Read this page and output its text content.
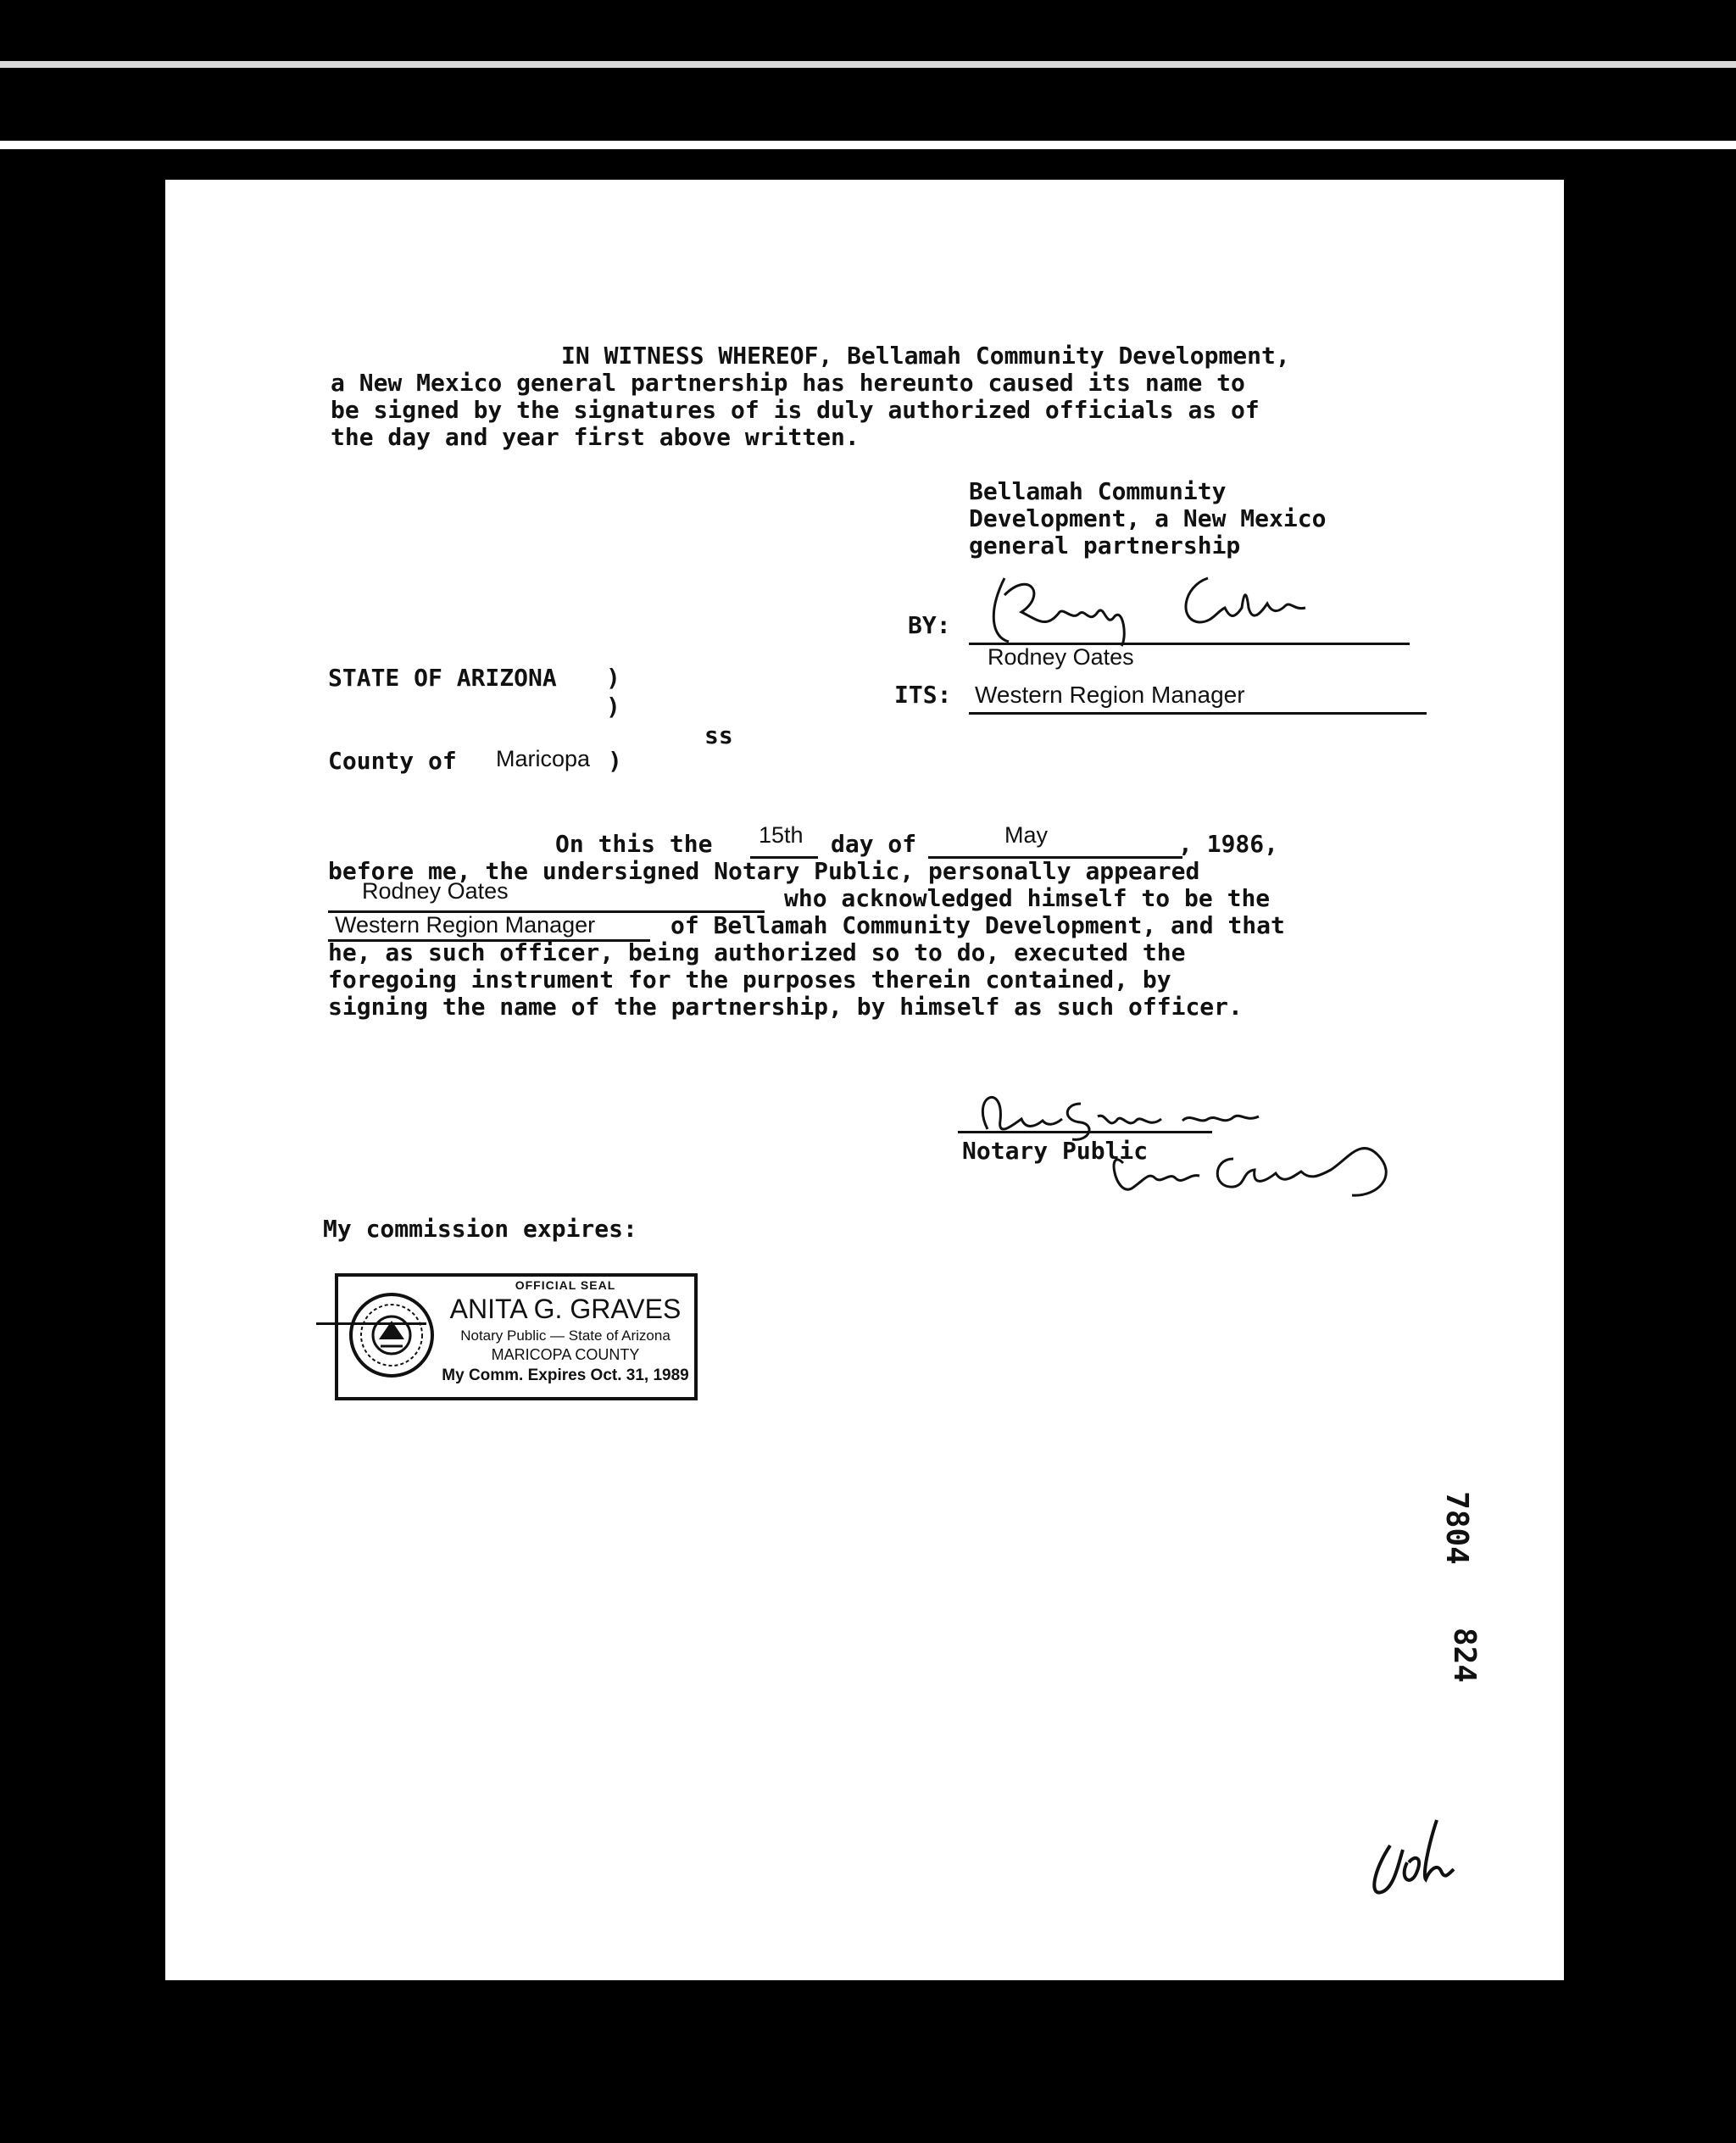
IN WITNESS WHEREOF, Bellamah Community Development,
a New Mexico general partnership has hereunto caused its name to
be signed by the signatures of is duly authorized officials as of
the day and year first above written.
Bellamah Community
Development, a New Mexico
general partnership
BY:
Rodney Oates
ITS: Western Region Manager
STATE OF ARIZONA )
)
ss
County of Maricopa )
On this the 15th day of	May	, 1986,
before me, the undersigned Notary Public, personally appeared
Rodney Oates	who acknowledged himself to be the
Western Region Manager	of Bellamah Community Development, and that
he, as such officer, being authorized so to do, executed the
foregoing instrument for the purposes therein contained, by
signing the name of the partnership, by himself as such officer.
Notary Public
My commission expires:
OFFICIAL SEAL
ANITA G. GRAVES
Notary Public — State of Arizona
MARICOPA COUNTY
My Comm. Expires Oct. 31, 1989
7804
824
